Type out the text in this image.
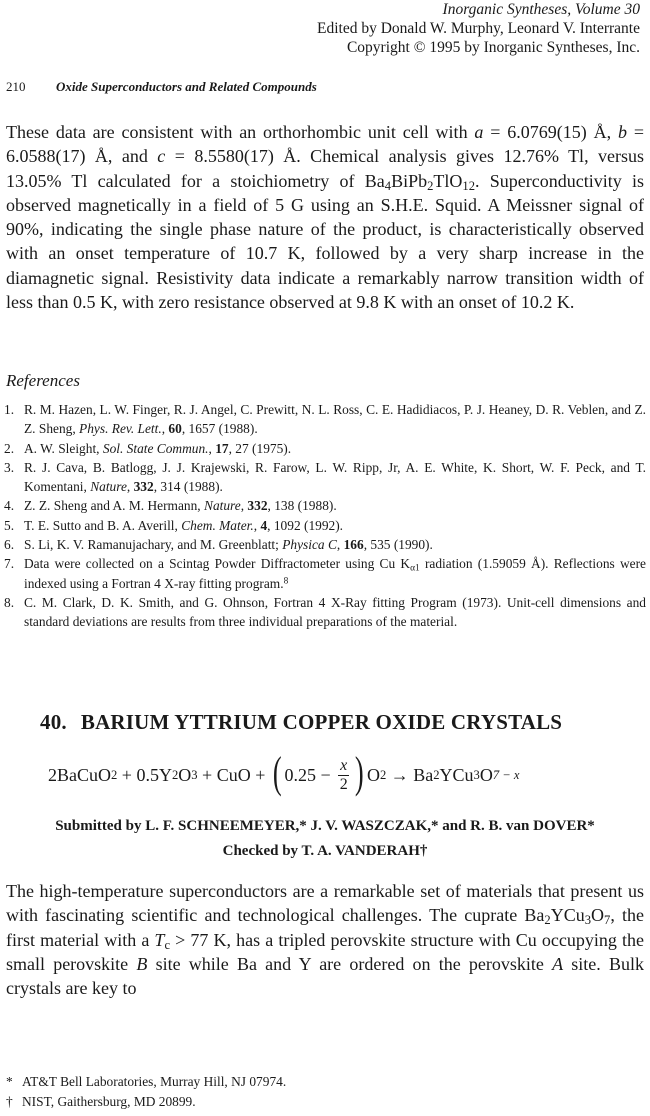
Inorganic Syntheses, Volume 30
Edited by Donald W. Murphy, Leonard V. Interrante
Copyright © 1995 by Inorganic Syntheses, Inc.
210 Oxide Superconductors and Related Compounds

These data are consistent with an orthorhombic unit cell with a = 6.0769(15) Å, b = 6.0588(17) Å, and c = 8.5580(17) Å. Chemical analysis gives 12.76% Tl, versus 13.05% Tl calculated for a stoichiometry of $Ba_4BiPb_2TlO_{12}$. Superconductivity is observed magnetically in a field of 5 G using an S.H.E. Squid. A Meissner signal of 90%, indicating the single phase nature of the product, is characteristically observed with an onset temperature of 10.7 K, followed by a very sharp increase in the diamagnetic signal. Resistivity data indicate a remarkably narrow transition width of less than 0.5 K, with zero resistance observed at 9.8 K with an onset of 10.2 K.

References
1. R. M. Hazen, L. W. Finger, R. J. Angel, C. Prewitt, N. L. Ross, C. E. Hadidiacos, P. J. Heaney, D. R. Veblen, and Z. Z. Sheng, Phys. Rev. Lett., 60, 1657 (1988).
2. A. W. Sleight, Sol. State Commun., 17, 27 (1975).
3. R. J. Cava, B. Batlogg, J. J. Krajewski, R. Farow, L. W. Ripp, Jr, A. E. White, K. Short, W. F. Peck, and T. Komentani, Nature, 332, 314 (1988).
4. Z. Z. Sheng and A. M. Hermann, Nature, 332, 138 (1988).
5. T. E. Sutto and B. A. Averill, Chem. Mater., 4, 1092 (1992).
6. S. Li, K. V. Ramanujachary, and M. Greenblatt; Physica C, 166, 535 (1990).
7. Data were collected on a Scintag Powder Diffractometer using Cu $K_{\alpha 1}$ radiation (1.59059 Å). Reflections were indexed using a Fortran 4 X-ray fitting program.$^8$
8. C. M. Clark, D. K. Smith, and G. Ohnson, Fortran 4 X-Ray fitting Program (1973). Unit-cell dimensions and standard deviations are results from three individual preparations of the material.
40. BARIUM YTTRIUM COPPER OXIDE CRYSTALS
2BaCuO 2 + 0.5Y 2 O 3 + CuO + ( $0.25 - \frac{x}{2}$ ) O 2 → Ba 2 YCu 3 O 7 − x
Submitted by L. F. SCHNEEMEYER,* J. V. WASZCZAK,* and R. B. van DOVER*
Checked by T. A. VANDERAH†

The high-temperature superconductors are a remarkable set of materials that present us with fascinating scientific and technological challenges. The cuprate $Ba_2YCu_3O_7$, the first material with a $T_c > 77$ K, has a tripled perovskite structure with Cu occupying the small perovskite B site while Ba and Y are ordered on the perovskite A site. Bulk crystals are key to

* AT&T Bell Laboratories, Murray Hill, NJ 07974.
† NIST, Gaithersburg, MD 20899.
